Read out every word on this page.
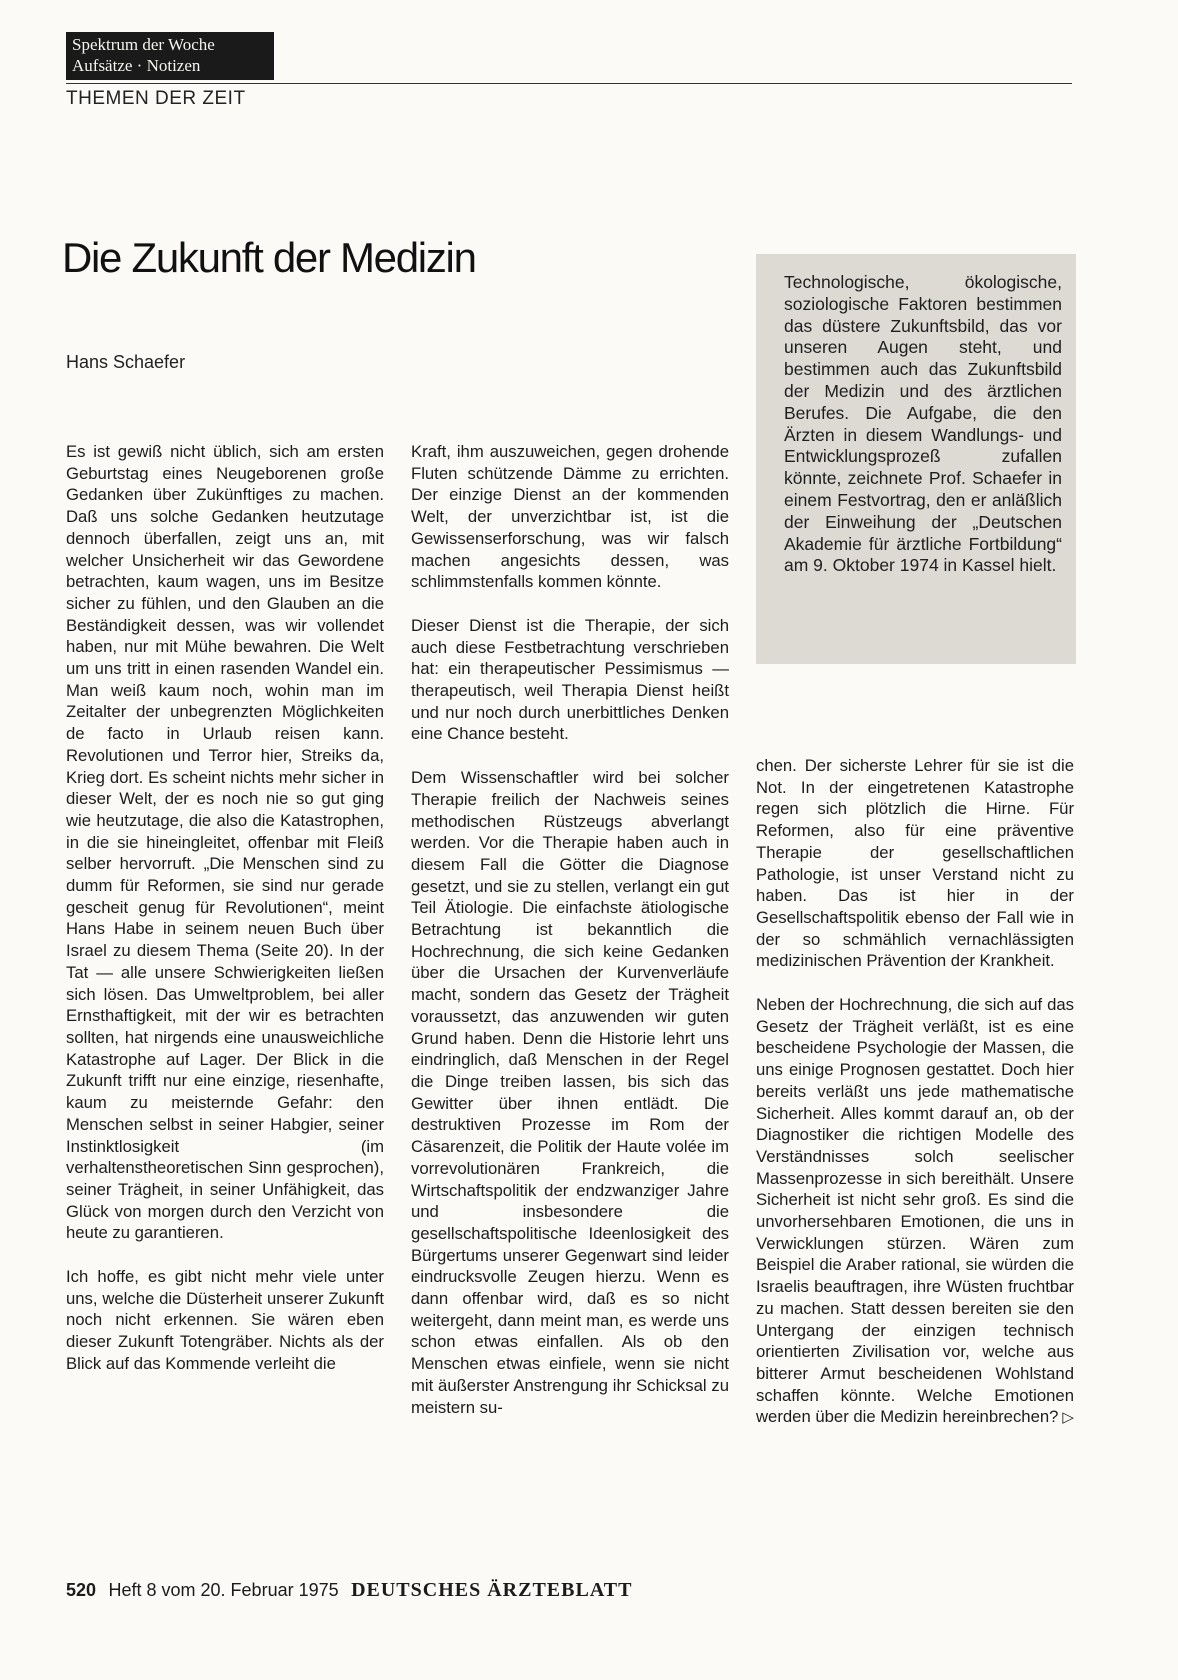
Spektrum der Woche
Aufsätze · Notizen
THEMEN DER ZEIT
Die Zukunft der Medizin
Hans Schaefer

Technologische, ökologische, soziologische Faktoren bestimmen das düstere Zukunftsbild, das vor unseren Augen steht, und bestimmen auch das Zukunftsbild der Medizin und des ärztlichen Berufes. Die Aufgabe, die den Ärzten in diesem Wandlungs- und Entwicklungsprozeß zufallen könnte, zeichnete Prof. Schaefer in einem Festvortrag, den er anläßlich der Einweihung der „Deutschen Akademie für ärztliche Fortbildung“ am 9. Oktober 1974 in Kassel hielt.

Es ist gewiß nicht üblich, sich am ersten Geburtstag eines Neugeborenen große Gedanken über Zukünftiges zu machen. Daß uns solche Gedanken heutzutage dennoch überfallen, zeigt uns an, mit welcher Unsicherheit wir das Gewordene betrachten, kaum wagen, uns im Besitze sicher zu fühlen, und den Glauben an die Beständigkeit dessen, was wir vollendet haben, nur mit Mühe bewahren. Die Welt um uns tritt in einen rasenden Wandel ein. Man weiß kaum noch, wohin man im Zeitalter der unbegrenzten Möglichkeiten de facto in Urlaub reisen kann. Revolutionen und Terror hier, Streiks da, Krieg dort. Es scheint nichts mehr sicher in dieser Welt, der es noch nie so gut ging wie heutzutage, die also die Katastrophen, in die sie hineingleitet, offenbar mit Fleiß selber hervorruft. „Die Menschen sind zu dumm für Reformen, sie sind nur gerade gescheit genug für Revolutionen“, meint Hans Habe in seinem neuen Buch über Israel zu diesem Thema (Seite 20). In der Tat — alle unsere Schwierigkeiten ließen sich lösen. Das Umweltproblem, bei aller Ernsthaftigkeit, mit der wir es betrachten sollten, hat nirgends eine unausweichliche Katastrophe auf Lager. Der Blick in die Zukunft trifft nur eine einzige, riesenhafte, kaum zu meisternde Gefahr: den Menschen selbst in seiner Habgier, seiner Instinktlosigkeit (im verhaltenstheoretischen Sinn gesprochen), seiner Trägheit, in seiner Unfähigkeit, das Glück von morgen durch den Verzicht von heute zu garantieren.

Ich hoffe, es gibt nicht mehr viele unter uns, welche die Düsterheit unserer Zukunft noch nicht erkennen. Sie wären eben dieser Zukunft Totengräber. Nichts als der Blick auf das Kommende verleiht die

Kraft, ihm auszuweichen, gegen drohende Fluten schützende Dämme zu errichten. Der einzige Dienst an der kommenden Welt, der unverzichtbar ist, ist die Gewissenserforschung, was wir falsch machen angesichts dessen, was schlimmstenfalls kommen könnte.

Dieser Dienst ist die Therapie, der sich auch diese Festbetrachtung verschrieben hat: ein therapeutischer Pessimismus — therapeutisch, weil Therapia Dienst heißt und nur noch durch unerbittliches Denken eine Chance besteht.

Dem Wissenschaftler wird bei solcher Therapie freilich der Nachweis seines methodischen Rüstzeugs abverlangt werden. Vor die Therapie haben auch in diesem Fall die Götter die Diagnose gesetzt, und sie zu stellen, verlangt ein gut Teil Ätiologie. Die einfachste ätiologische Betrachtung ist bekanntlich die Hochrechnung, die sich keine Gedanken über die Ursachen der Kurvenverläufe macht, sondern das Gesetz der Trägheit voraussetzt, das anzuwenden wir guten Grund haben. Denn die Historie lehrt uns eindringlich, daß Menschen in der Regel die Dinge treiben lassen, bis sich das Gewitter über ihnen entlädt. Die destruktiven Prozesse im Rom der Cäsarenzeit, die Politik der Haute volée im vorrevolutionären Frankreich, die Wirtschaftspolitik der endzwanziger Jahre und insbesondere die gesellschaftspolitische Ideenlosigkeit des Bürgertums unserer Gegenwart sind leider eindrucksvolle Zeugen hierzu. Wenn es dann offenbar wird, daß es so nicht weitergeht, dann meint man, es werde uns schon etwas einfallen. Als ob den Menschen etwas einfiele, wenn sie nicht mit äußerster Anstrengung ihr Schicksal zu meistern su-

chen. Der sicherste Lehrer für sie ist die Not. In der eingetretenen Katastrophe regen sich plötzlich die Hirne. Für Reformen, also für eine präventive Therapie der gesellschaftlichen Pathologie, ist unser Verstand nicht zu haben. Das ist hier in der Gesellschaftspolitik ebenso der Fall wie in der so schmählich vernachlässigten medizinischen Prävention der Krankheit.

Neben der Hochrechnung, die sich auf das Gesetz der Trägheit verläßt, ist es eine bescheidene Psychologie der Massen, die uns einige Prognosen gestattet. Doch hier bereits verläßt uns jede mathematische Sicherheit. Alles kommt darauf an, ob der Diagnostiker die richtigen Modelle des Verständnisses solch seelischer Massenprozesse in sich bereithält. Unsere Sicherheit ist nicht sehr groß. Es sind die unvorhersehbaren Emotionen, die uns in Verwicklungen stürzen. Wären zum Beispiel die Araber rational, sie würden die Israelis beauftragen, ihre Wüsten fruchtbar zu machen. Statt dessen bereiten sie den Untergang der einzigen technisch orientierten Zivilisation vor, welche aus bitterer Armut bescheidenen Wohlstand schaffen könnte. Welche Emotionen werden über die Medizin hereinbrechen? ▷

520 Heft 8 vom 20. Februar 1975 DEUTSCHES ÄRZTEBLATT
